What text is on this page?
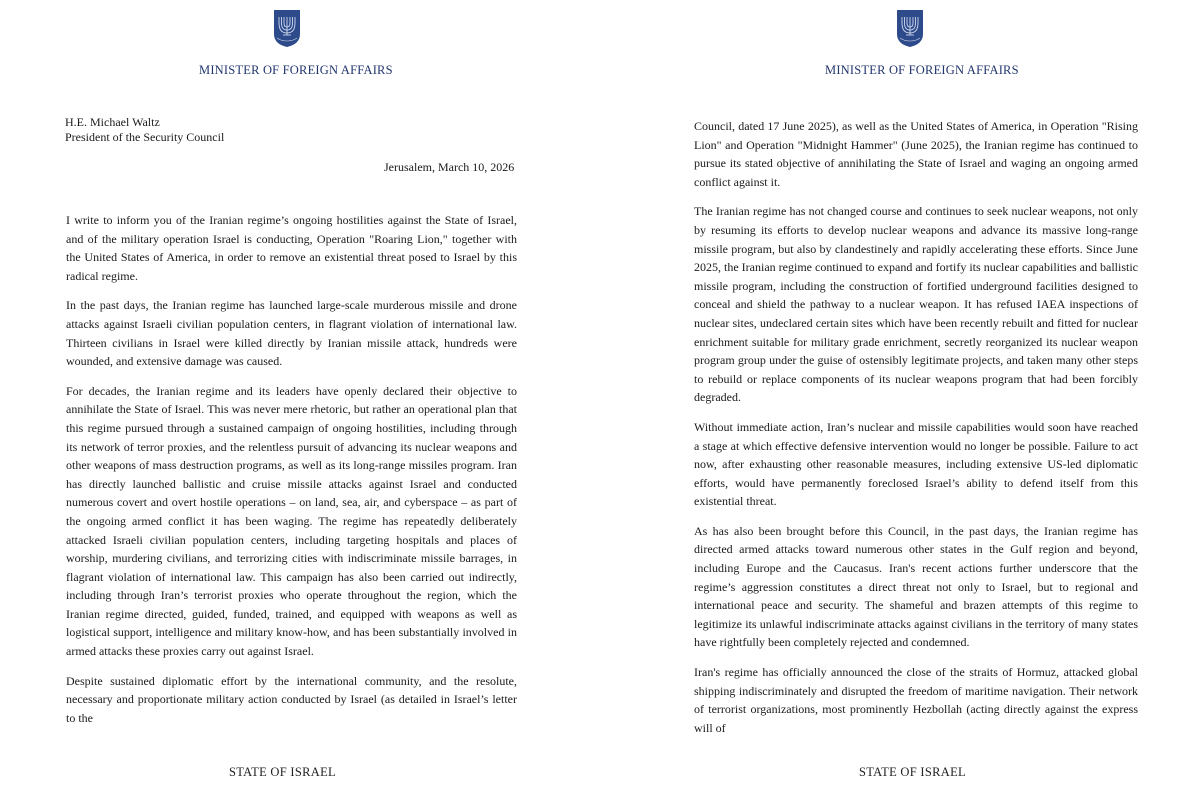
MINISTER OF FOREIGN AFFAIRS
H.E. Michael Waltz
President of the Security Council
Jerusalem, March 10, 2026

I write to inform you of the Iranian regime’s ongoing hostilities against the State of Israel, and of the military operation Israel is conducting, Operation "Roaring Lion," together with the United States of America, in order to remove an existential threat posed to Israel by this radical regime.

In the past days, the Iranian regime has launched large-scale murderous missile and drone attacks against Israeli civilian population centers, in flagrant violation of international law. Thirteen civilians in Israel were killed directly by Iranian missile attack, hundreds were wounded, and extensive damage was caused.

For decades, the Iranian regime and its leaders have openly declared their objective to annihilate the State of Israel. This was never mere rhetoric, but rather an operational plan that this regime pursued through a sustained campaign of ongoing hostilities, including through its network of terror proxies, and the relentless pursuit of advancing its nuclear weapons and other weapons of mass destruction programs, as well as its long-range missiles program. Iran has directly launched ballistic and cruise missile attacks against Israel and conducted numerous covert and overt hostile operations – on land, sea, air, and cyberspace – as part of the ongoing armed conflict it has been waging. The regime has repeatedly deliberately attacked Israeli civilian population centers, including targeting hospitals and places of worship, murdering civilians, and terrorizing cities with indiscriminate missile barrages, in flagrant violation of international law. This campaign has also been carried out indirectly, including through Iran’s terrorist proxies who operate throughout the region, which the Iranian regime directed, guided, funded, trained, and equipped with weapons as well as logistical support, intelligence and military know-how, and has been substantially involved in armed attacks these proxies carry out against Israel.

Despite sustained diplomatic effort by the international community, and the resolute, necessary and proportionate military action conducted by Israel (as detailed in Israel’s letter to the

STATE OF ISRAEL
MINISTER OF FOREIGN AFFAIRS

Council, dated 17 June 2025), as well as the United States of America, in Operation "Rising Lion" and Operation "Midnight Hammer" (June 2025), the Iranian regime has continued to pursue its stated objective of annihilating the State of Israel and waging an ongoing armed conflict against it.

The Iranian regime has not changed course and continues to seek nuclear weapons, not only by resuming its efforts to develop nuclear weapons and advance its massive long-range missile program, but also by clandestinely and rapidly accelerating these efforts. Since June 2025, the Iranian regime continued to expand and fortify its nuclear capabilities and ballistic missile program, including the construction of fortified underground facilities designed to conceal and shield the pathway to a nuclear weapon. It has refused IAEA inspections of nuclear sites, undeclared certain sites which have been recently rebuilt and fitted for nuclear enrichment suitable for military grade enrichment, secretly reorganized its nuclear weapon program group under the guise of ostensibly legitimate projects, and taken many other steps to rebuild or replace components of its nuclear weapons program that had been forcibly degraded.

Without immediate action, Iran’s nuclear and missile capabilities would soon have reached a stage at which effective defensive intervention would no longer be possible. Failure to act now, after exhausting other reasonable measures, including extensive US-led diplomatic efforts, would have permanently foreclosed Israel’s ability to defend itself from this existential threat.

As has also been brought before this Council, in the past days, the Iranian regime has directed armed attacks toward numerous other states in the Gulf region and beyond, including Europe and the Caucasus. Iran's recent actions further underscore that the regime’s aggression constitutes a direct threat not only to Israel, but to regional and international peace and security. The shameful and brazen attempts of this regime to legitimize its unlawful indiscriminate attacks against civilians in the territory of many states have rightfully been completely rejected and condemned.

Iran's regime has officially announced the close of the straits of Hormuz, attacked global shipping indiscriminately and disrupted the freedom of maritime navigation. Their network of terrorist organizations, most prominently Hezbollah (acting directly against the express will of

STATE OF ISRAEL
